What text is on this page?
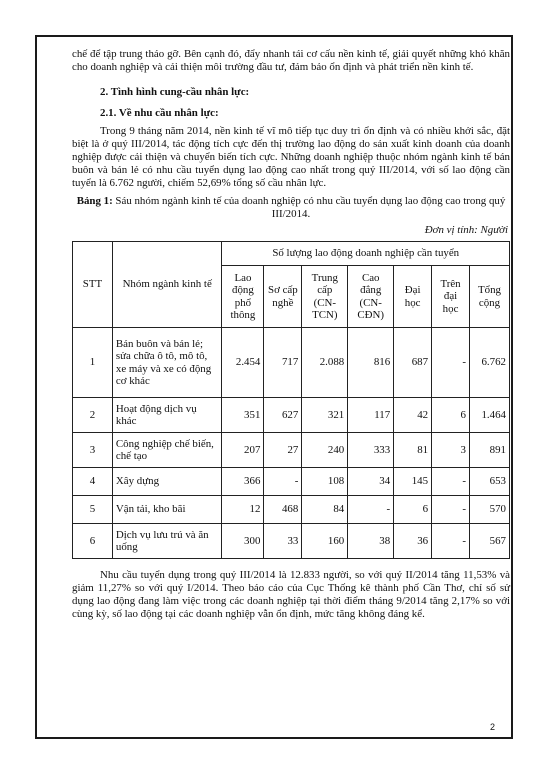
chế để tập trung tháo gỡ. Bên cạnh đó, đẩy nhanh tái cơ cấu nền kinh tế, giải quyết những khó khăn cho doanh nghiệp và cải thiện môi trường đầu tư, đảm bảo ổn định và phát triển nền kinh tế.

2. Tình hình cung-cầu nhân lực:

2.1. Về nhu cầu nhân lực:

Trong 9 tháng năm 2014, nền kinh tế vĩ mô tiếp tục duy trì ổn định và có nhiều khởi sắc, đặt biệt là ở quý III/2014, tác động tích cực đến thị trường lao động do sản xuất kinh doanh của doanh nghiệp được cải thiện và chuyển biến tích cực. Những doanh nghiệp thuộc nhóm ngành kinh tế bán buôn và bán lẻ có nhu cầu tuyển dụng lao động cao nhất trong quý III/2014, với số lao động cần tuyển là 6.762 người, chiếm 52,69% tổng số cầu nhân lực.

Bảng 1: Sáu nhóm ngành kinh tế của doanh nghiệp có nhu cầu tuyển dụng lao động cao trong quý III/2014.
Đơn vị tính: Người
STT	Nhóm ngành kinh tế	Số lượng lao động doanh nghiệp cần tuyển						
		Lao động phổ thông	Sơ cấp nghề	Trung cấp (CN-TCN)	Cao đẳng (CN-CĐN)	Đại học	Trên đại học	Tổng cộng
1	Bán buôn và bán lẻ; sửa chữa ô tô, mô tô, xe máy và xe có động cơ khác	2.454	717	2.088	816	687	-	6.762
2	Hoạt động dịch vụ khác	351	627	321	117	42	6	1.464
3	Công nghiệp chế biến, chế tạo	207	27	240	333	81	3	891
4	Xây dựng	366	-	108	34	145	-	653
5	Vận tải, kho bãi	12	468	84	-	6	-	570
6	Dịch vụ lưu trú và ăn uống	300	33	160	38	36	-	567

Nhu cầu tuyển dụng trong quý III/2014 là 12.833 người, so với quý II/2014 tăng 11,53% và giảm 11,27% so với quý I/2014. Theo báo cáo của Cục Thống kê thành phố Cần Thơ, chỉ số sử dụng lao động đang làm việc trong các doanh nghiệp tại thời điểm tháng 9/2014 tăng 2,17% so với cùng kỳ, số lao động tại các doanh nghiệp vẫn ổn định, mức tăng không đáng kể.

2
